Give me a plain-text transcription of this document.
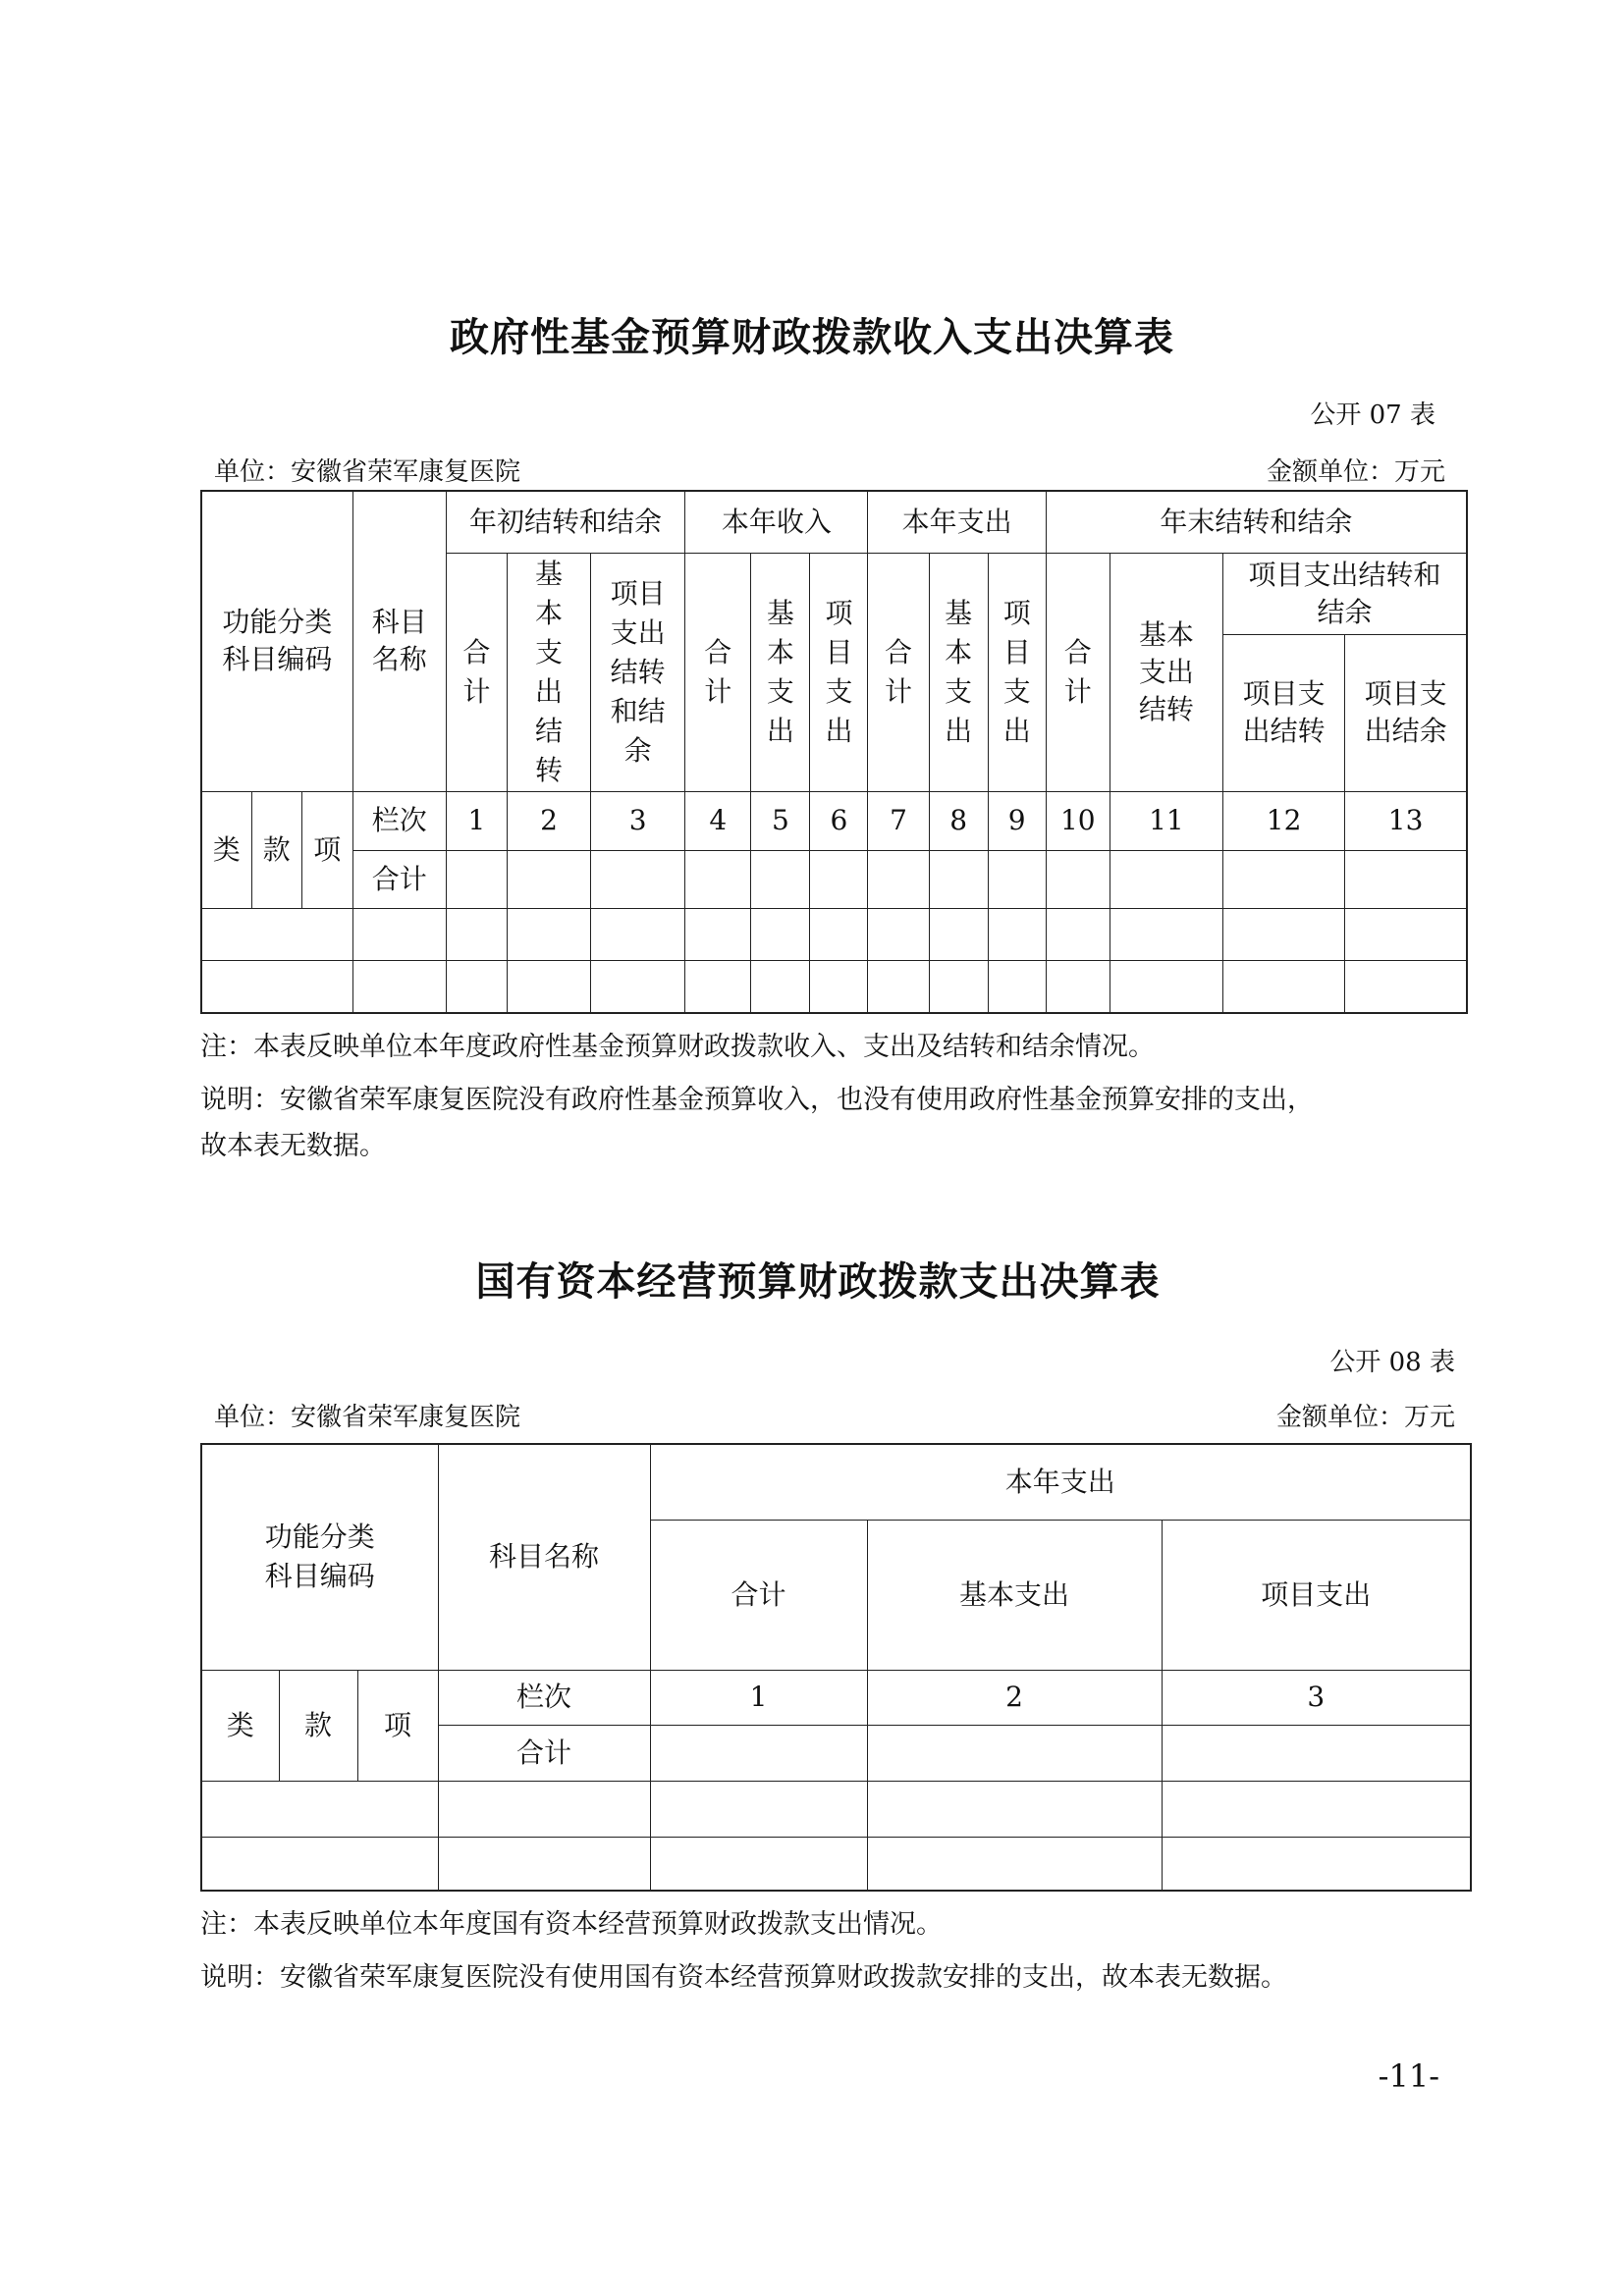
政府性基金预算财政拨款收入支出决算表
公开 07 表
单位：安徽省荣军康复医院	金额单位：万元
功能分类科目编码			科目名称	年初结转和结余			本年收入			本年支出			年末结转和结余			
				合计	基本支出结转	项目支出结转和结余	合计	基本支出	项目支出	合计	基本支出	项目支出	合计	基本支出结转	项目支出结转和结余	

															项目支出结转	项目支出结余

类	款	项	栏次	1	2	3	4	5	6	7	8	9	10	11	12	13
			合计													

注：本表反映单位本年度政府性基金预算财政拨款收入、支出及结转和结余情况。
说明：安徽省荣军康复医院没有政府性基金预算收入，也没有使用政府性基金预算安排的支出，
故本表无数据。
国有资本经营预算财政拨款支出决算表
公开 08 表
单位：安徽省荣军康复医院	金额单位：万元
功能分类科目编码			科目名称	本年支出		
				合计	基本支出	项目支出
类	款	项	栏次	1	2	3
			合计			

注：本表反映单位本年度国有资本经营预算财政拨款支出情况。
说明：安徽省荣军康复医院没有使用国有资本经营预算财政拨款安排的支出，故本表无数据。
-11-
